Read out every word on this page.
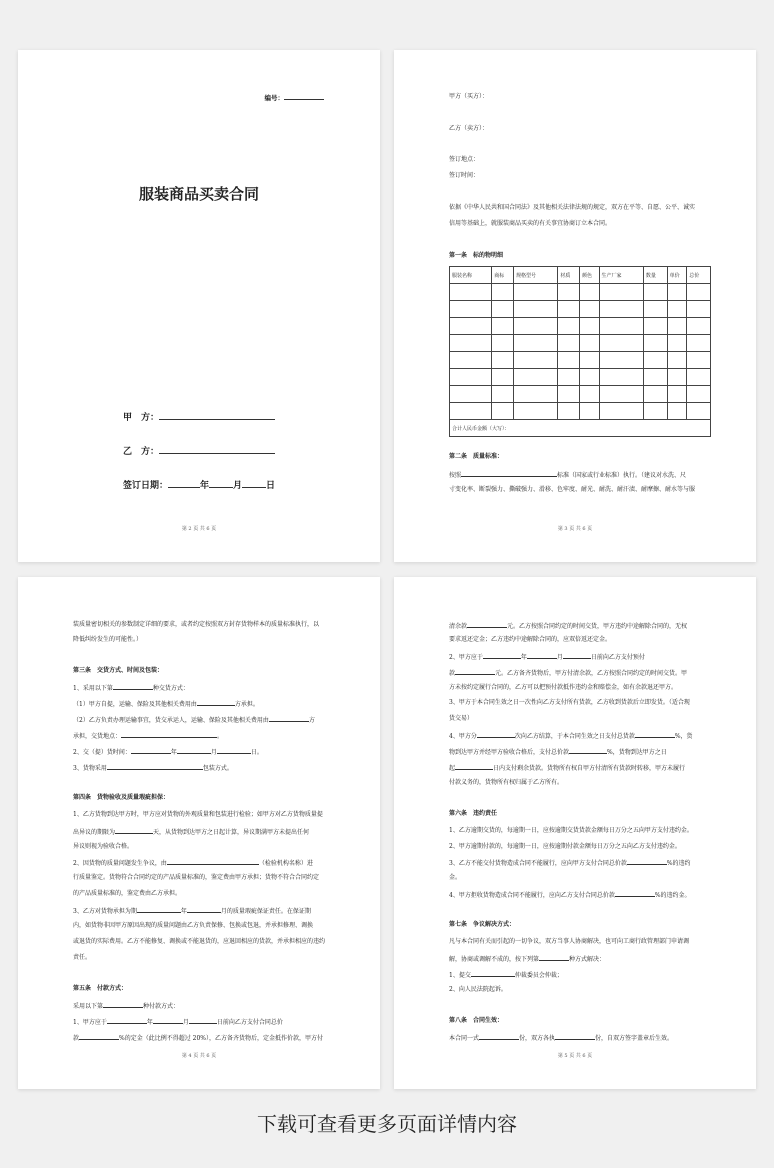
编号：
服装商品买卖合同
甲　方：
乙　方：
签订日期：	年	月	日
第 2 页 共 6 页
甲方（买方）：
乙方（卖方）：
签订地点：
签订时间：
依据《中华人民共和国合同法》及其他相关法律法规的规定，双方在平等、自愿、公平、诚实
信用等基础上，就服装商品买卖的有关事宜协商订立本合同。
第一条　标的物明细
服装名称	商标	规格型号	材质	颜色	生产厂家	数量	单价	总价

合计人民币金额（大写）：								
第二条　质量标准：
按照	标准（国家或行业标准）执行。（建议对水洗、尺
寸变化率、断裂强力、撕破强力、滑移、色牢度、耐光、耐洗、耐汗渍、耐摩擦、耐水等与服
第 3 页 共 6 页
装质量密切相关的参数制定详细的要求，或者约定按照双方封存货物样本的质量标准执行，以
降低纠纷发生的可能性。）
第三条　交货方式、时间及包装：
1、采用以下第	种交货方式：
（1）甲方自提，运输、保险及其他相关费用由	方承担。
（2）乙方负责办理运输事宜，货交承运人，运输、保险及其他相关费用由	方
承担，交货地点：	。
2、交（提）货时间：	年	月	日。
3、货物采用	包装方式。
第四条　货物验收及质量瑕疵担保：
1、乙方货物到达甲方时，甲方应对货物的外观质量和包装进行检验；如甲方对乙方货物质量提
出异议的期限为	天，从货物到达甲方之日起计算，异议期满甲方未提出任何
异议则视为验收合格。
2、因货物的质量问题发生争议，由	（检验机构名称）进
行质量鉴定。货物符合合同约定的产品质量标准的，鉴定费由甲方承担；货物不符合合同约定
的产品质量标准的，鉴定费由乙方承担。
3、乙方对货物承担为期	年	月的质量瑕疵保证责任。在保证期
内，如货物非因甲方原因出现的质量问题由乙方负责保修、包换或包退，并承担修理、调换
或退货的实际费用。乙方不能修复、调换或不能退货的，应退回相应的货款，并承担相应的违约
责任。
第五条　付款方式：
采用以下第	种付款方式：
1、甲方应于	年	月	日前向乙方支付合同总价
款	%的定金（此比例不得超过 20%），乙方备齐货物后，定金抵作价款，甲方付
第 4 页 共 6 页
清余款	元。乙方按照合同约定的时间交货，甲方违约中途解除合同的，无权
要求返还定金；乙方违约中途解除合同的，应双倍返还定金。
2、甲方应于	年	月	日前向乙方支付预付
款	元。乙方备齐货物后，甲方付清余款，乙方按照合同约定的时间交货。甲
方未按约定履行合同的，乙方可以把预付款抵作违约金和赔偿金，如有余款退还甲方。
3、甲方于本合同生效之日一次性向乙方支付所有货款，乙方收到货款后立即发货。（适合现
货交易）
4、甲方分	次向乙方结算，于本合同生效之日支付总货款	%，货
物到达甲方并经甲方验收合格后，支付总价款	%，货物到达甲方之日
起	日内支付剩余货款。货物所有权自甲方付清所有货款时转移，甲方未履行
付款义务的，货物所有权归属于乙方所有。
第六条　违约责任
1、乙方逾期交货的，每逾期一日，应按逾期交货货款金额每日万分之五向甲方支付违约金。
2、甲方逾期付款的，每逾期一日，应按逾期付款金额每日万分之五向乙方支付违约金。
3、乙方不能交付货物造成合同不能履行，应向甲方支付合同总价款	%的违约
金。
4、甲方拒收货物造成合同不能履行，应向乙方支付合同总价款	%的违约金。
第七条　争议解决方式：
凡与本合同有关而引起的一切争议，双方当事人协商解决，也可向工商行政管理部门申请调
解，协商或调解不成的，按下列第	种方式解决：
1、提交	仲裁委员会仲裁；
2、向人民法院起诉。
第八条　合同生效：
本合同一式	份，双方各执	份，自双方签字盖章后生效。
第 5 页 共 6 页
下载可查看更多页面详情内容
